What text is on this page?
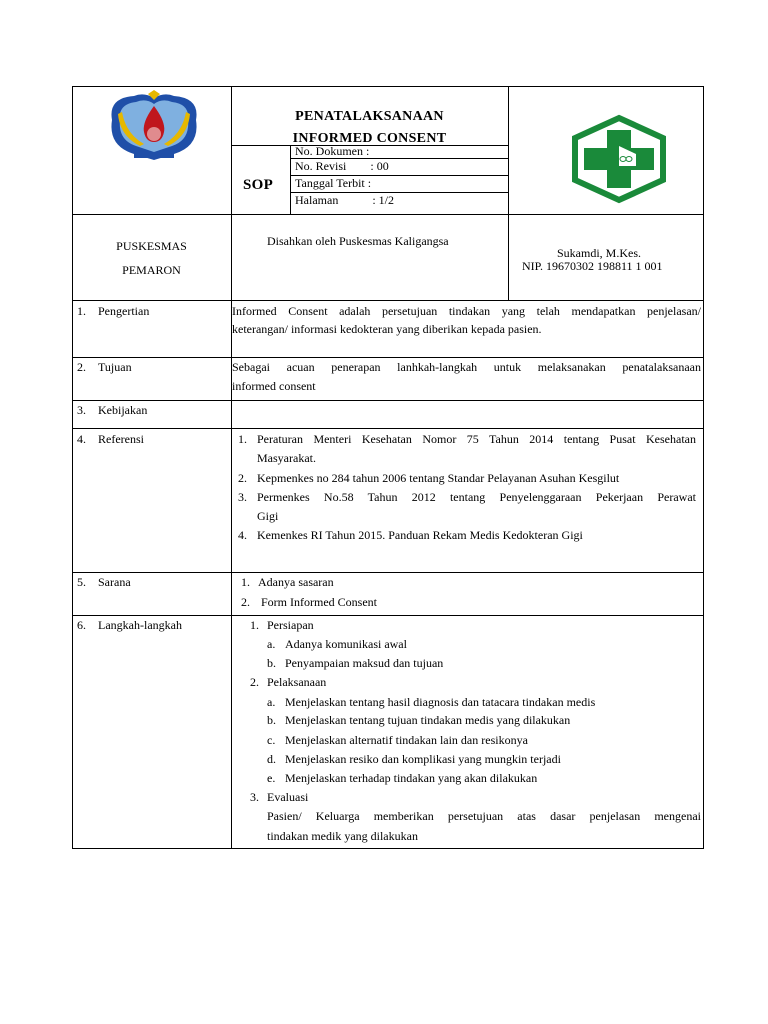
PENATALAKSANAAN
INFORMED CONSENT
SOP
No. Dokumen :
No. Revisi : 00
Tanggal Terbit :
Halaman	: 1/2
PUSKESMAS
PEMARON
Disahkan oleh Puskesmas Kaligangsa
Sukamdi, M.Kes.
NIP. 19670302 198811 1 001
1. Pengertian	Informed Consent adalah persetujuan tindakan yang telah mendapatkan penjelasan/
keterangan/ informasi kedokteran yang diberikan kepada pasien.
2. Tujuan	Sebagai acuan penerapan lanhkah-langkah untuk melaksanakan penatalaksanaan
informed consent
3. Kebijakan
4. Referensi	1. Peraturan Menteri Kesehatan Nomor 75 Tahun 2014 tentang Pusat Kesehatan
Masyarakat.
2. Kepmenkes no 284 tahun 2006 tentang Standar Pelayanan Asuhan Kesgilut
3. Permenkes No.58 Tahun 2012 tentang Penyelenggaraan Pekerjaan Perawat
Gigi
4. Kemenkes RI Tahun 2015. Panduan Rekam Medis Kedokteran Gigi
5. Sarana	1. Adanya sasaran
2. Form Informed Consent
6. Langkah-langkah	1. Persiapan
a. Adanya komunikasi awal
b. Penyampaian maksud dan tujuan
2. Pelaksanaan
a. Menjelaskan tentang hasil diagnosis dan tatacara tindakan medis
b. Menjelaskan tentang tujuan tindakan medis yang dilakukan
c. Menjelaskan alternatif tindakan lain dan resikonya
d. Menjelaskan resiko dan komplikasi yang mungkin terjadi
e. Menjelaskan terhadap tindakan yang akan dilakukan
3. Evaluasi
Pasien/ Keluarga memberikan persetujuan atas dasar penjelasan mengenai
tindakan medik yang dilakukan
